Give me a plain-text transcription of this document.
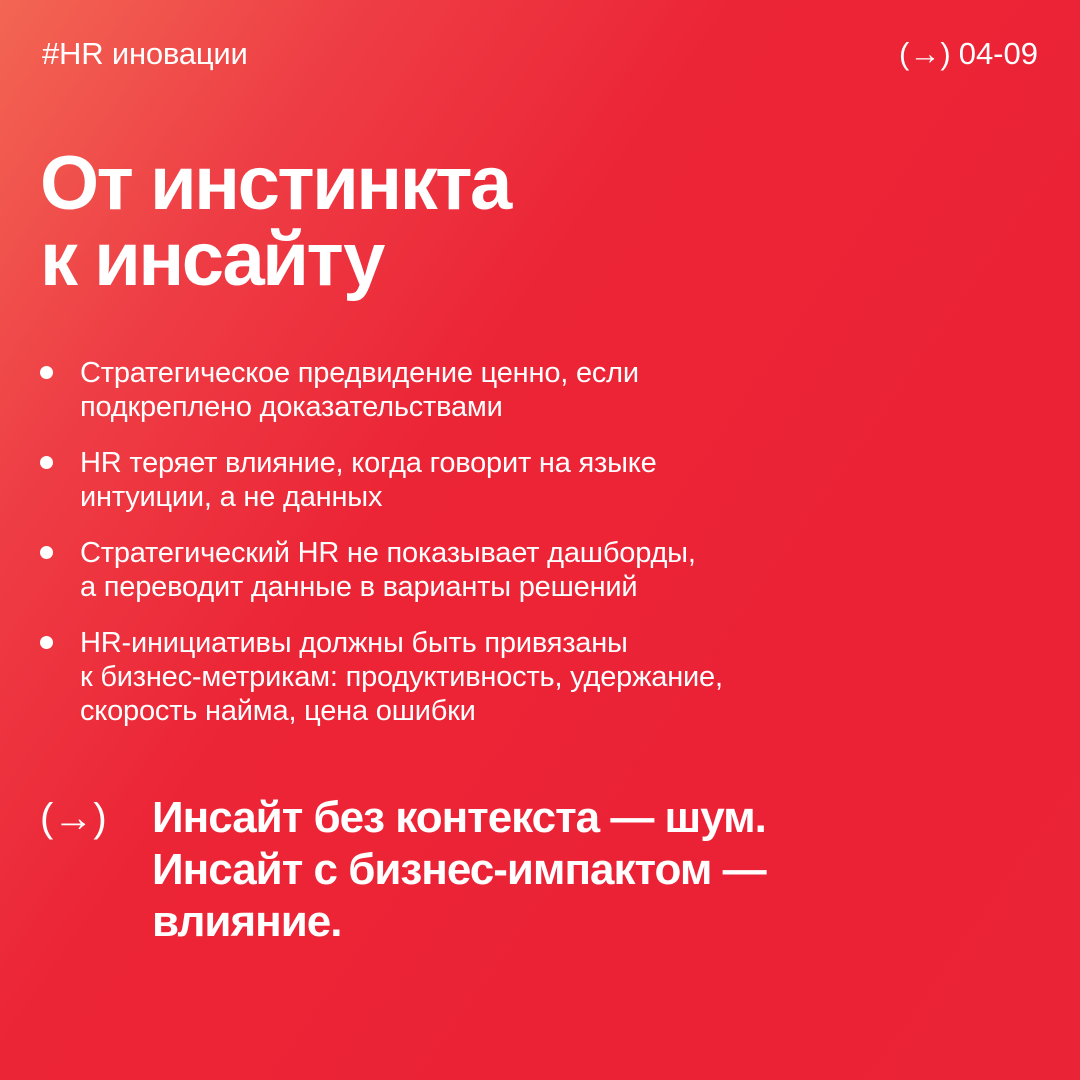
#HR иновации	(→) 04-09
От инстинкта
к инсайту
Стратегическое предвидение ценно, если
подкреплено доказательствами
HR теряет влияние, когда говорит на языке
интуиции, а не данных
Стратегический HR не показывает дашборды,
а переводит данные в варианты решений
HR-инициативы должны быть привязаны
к бизнес-метрикам: продуктивность, удержание,
скорость найма, цена ошибки
(→)	Инсайт без контекста — шум.
Инсайт с бизнес-импактом —
влияние.
